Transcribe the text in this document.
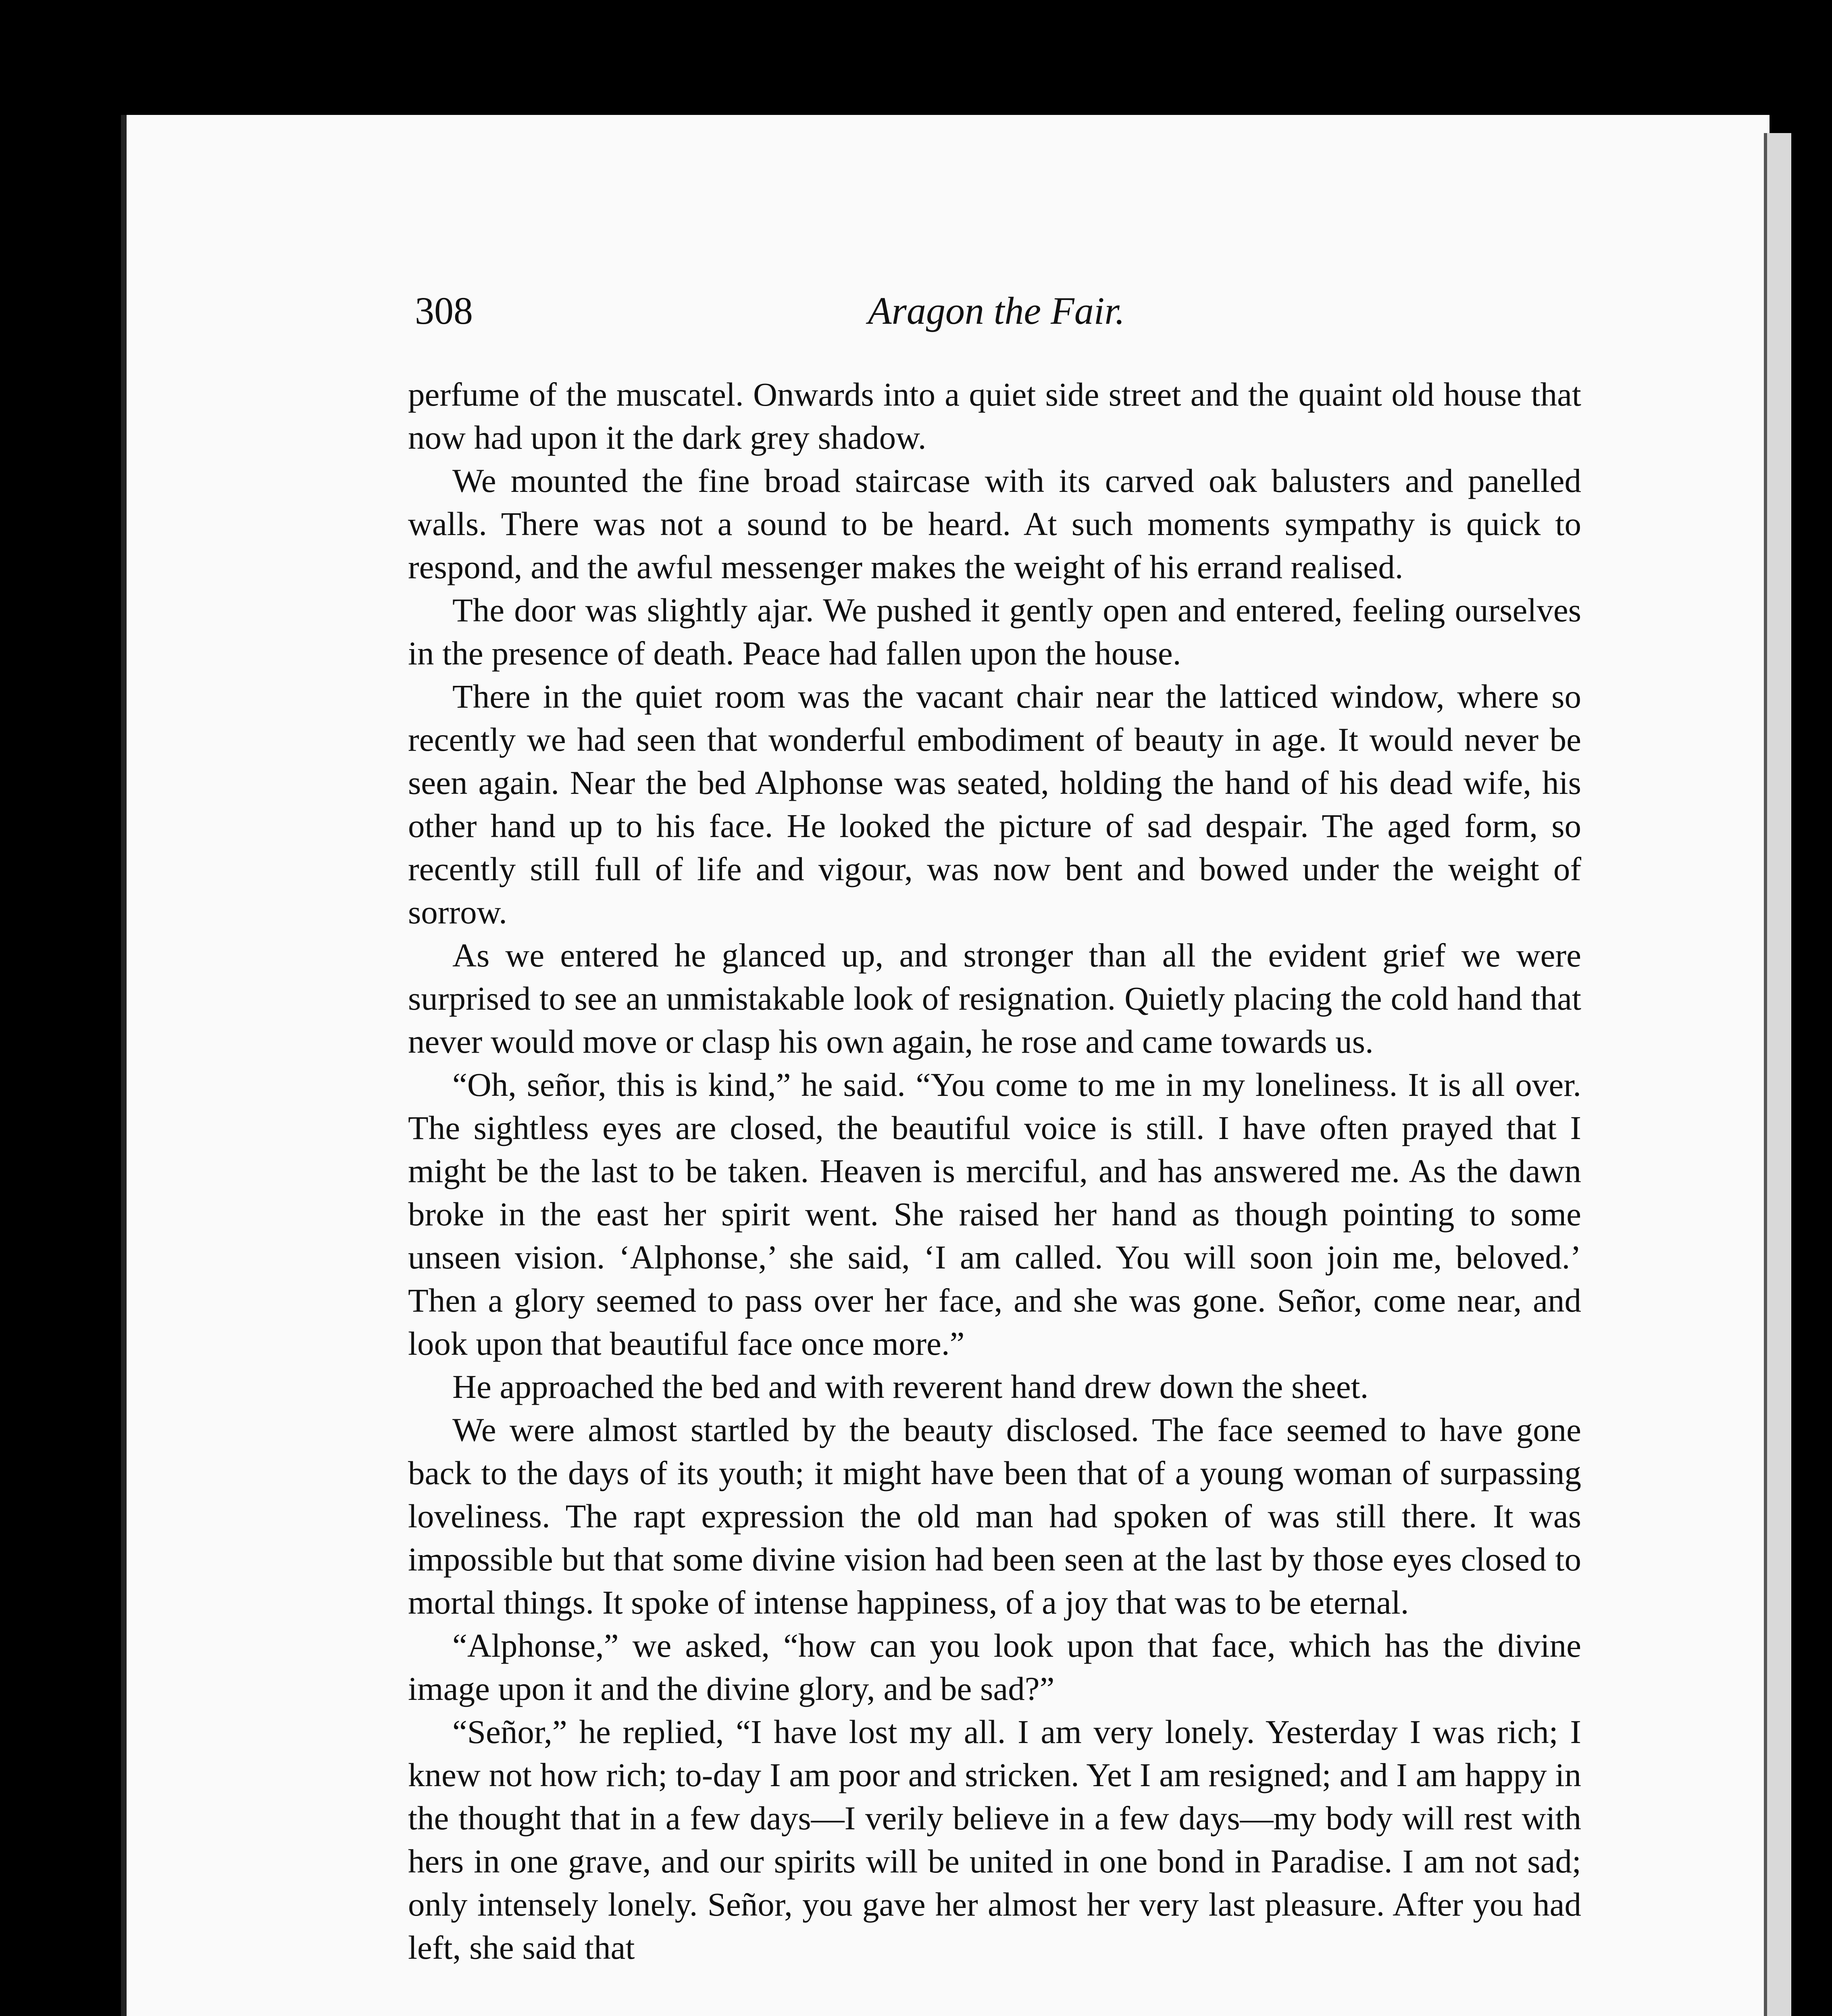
308	Aragon the Fair.

perfume of the muscatel. Onwards into a quiet side street and the quaint old house that now had upon it the dark grey shadow.

We mounted the fine broad staircase with its carved oak balusters and panelled walls. There was not a sound to be heard. At such moments sympathy is quick to respond, and the awful messenger makes the weight of his errand realised.

The door was slightly ajar. We pushed it gently open and entered, feeling ourselves in the presence of death. Peace had fallen upon the house.

There in the quiet room was the vacant chair near the latticed window, where so recently we had seen that wonderful embodiment of beauty in age. It would never be seen again. Near the bed Alphonse was seated, holding the hand of his dead wife, his other hand up to his face. He looked the picture of sad despair. The aged form, so recently still full of life and vigour, was now bent and bowed under the weight of sorrow.

As we entered he glanced up, and stronger than all the evident grief we were surprised to see an unmistakable look of resignation. Quietly placing the cold hand that never would move or clasp his own again, he rose and came towards us.

“Oh, señor, this is kind,” he said. “You come to me in my loneliness. It is all over. The sightless eyes are closed, the beautiful voice is still. I have often prayed that I might be the last to be taken. Heaven is merciful, and has answered me. As the dawn broke in the east her spirit went. She raised her hand as though pointing to some unseen vision. ‘Alphonse,’ she said, ‘I am called. You will soon join me, beloved.’ Then a glory seemed to pass over her face, and she was gone. Señor, come near, and look upon that beautiful face once more.”

He approached the bed and with reverent hand drew down the sheet.

We were almost startled by the beauty disclosed. The face seemed to have gone back to the days of its youth; it might have been that of a young woman of surpassing loveliness. The rapt expression the old man had spoken of was still there. It was impossible but that some divine vision had been seen at the last by those eyes closed to mortal things. It spoke of intense happiness, of a joy that was to be eternal.

“Alphonse,” we asked, “how can you look upon that face, which has the divine image upon it and the divine glory, and be sad?”

“Señor,” he replied, “I have lost my all. I am very lonely. Yesterday I was rich; I knew not how rich; to-day I am poor and stricken. Yet I am resigned; and I am happy in the thought that in a few days—I verily believe in a few days—my body will rest with hers in one grave, and our spirits will be united in one bond in Paradise. I am not sad; only intensely lonely. Señor, you gave her almost her very last pleasure. After you had left, she said that
